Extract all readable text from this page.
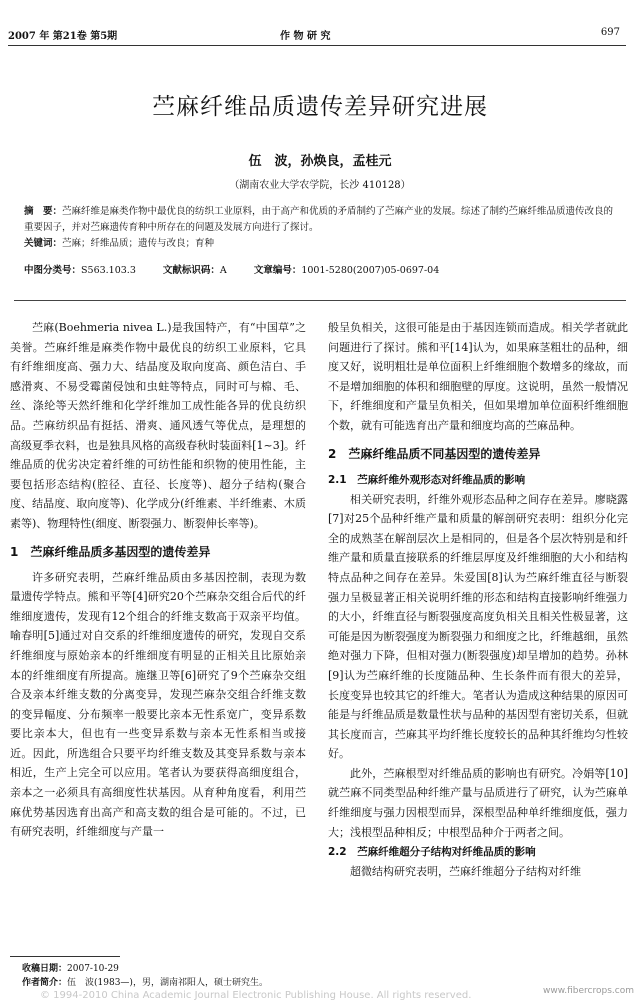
2007 年 第21卷 第5期	作 物 研 究	697
苎麻纤维品质遗传差异研究进展
伍　波，孙焕良，孟桂元
（湖南农业大学农学院，长沙 410128）
摘　要：苎麻纤维是麻类作物中最优良的纺织工业原料，由于高产和优质的矛盾制约了苎麻产业的发展。综述了制约苎麻纤维品质遗传改良的重要因子，并对苎麻遗传育种中所存在的问题及发展方向进行了探讨。
关键词：苎麻；纤维品质；遗传与改良；育种
中图分类号：S563.103.3	文献标识码：A	文章编号：1001-5280(2007)05-0697-04

苎麻(Boehmeria nivea L.)是我国特产，有“中国草”之美誉。苎麻纤维是麻类作物中最优良的纺织工业原料，它具有纤维细度高、强力大、结晶度及取向度高、颜色洁白、手感滑爽、不易受霉菌侵蚀和虫蛀等特点，同时可与棉、毛、丝、涤纶等天然纤维和化学纤维加工成性能各异的优良纺织品。苎麻纺织品有挺括、滑爽、通风透气等优点，是理想的高级夏季衣料，也是独具风格的高级春秋时装面料[1~3]。纤维品质的优劣决定着纤维的可纺性能和织物的使用性能，主要包括形态结构(腔径、直径、长度等)、超分子结构(聚合度、结晶度、取向度等)、化学成分(纤维素、半纤维素、木质素等)、物理特性(细度、断裂强力、断裂伸长率等)。

1　苎麻纤维品质多基因型的遗传差异

许多研究表明，苎麻纤维品质由多基因控制，表现为数量遗传学特点。熊和平等[4]研究20个苎麻杂交组合后代的纤维细度遗传，发现有12个组合的纤维支数高于双亲平均值。喻春明[5]通过对自交系的纤维细度遗传的研究，发现自交系纤维细度与原始亲本的纤维细度有明显的正相关且比原始亲本的纤维细度有所提高。施继卫等[6]研究了9个苎麻杂交组合及亲本纤维支数的分离变异，发现苎麻杂交组合纤维支数的变异幅度、分布频率一般要比亲本无性系宽广，变异系数要比亲本大，但也有一些变异系数与亲本无性系相当或接近。因此，所选组合只要平均纤维支数及其变异系数与亲本相近，生产上完全可以应用。笔者认为要获得高细度组合，亲本之一必须具有高细度性状基因。从育种角度看，利用苎麻优势基因选育出高产和高支数的组合是可能的。不过，已有研究表明，纤维细度与产量一

般呈负相关，这很可能是由于基因连锁而造成。相关学者就此问题进行了探讨。熊和平[14]认为，如果麻茎粗壮的品种，细度又好，说明粗壮是单位面积上纤维细胞个数增多的缘故，而不是增加细胞的体积和细胞壁的厚度。这说明，虽然一般情况下，纤维细度和产量呈负相关，但如果增加单位面积纤维细胞个数，就有可能选育出产量和细度均高的苎麻品种。

2　苎麻纤维品质不同基因型的遗传差异
2.1　苎麻纤维外观形态对纤维品质的影响

相关研究表明，纤维外观形态品种之间存在差异。廖晓露[7]对25个品种纤维产量和质量的解剖研究表明：组织分化完全的成熟茎在解剖层次上是相同的，但是各个层次特别是和纤维产量和质量直接联系的纤维层厚度及纤维细胞的大小和结构特点品种之间存在差异。朱爱国[8]认为苎麻纤维直径与断裂强力呈极显著正相关说明纤维的形态和结构直接影响纤维强力的大小，纤维直径与断裂强度高度负相关且相关性极显著，这可能是因为断裂强度为断裂强力和细度之比，纤维越细，虽然绝对强力下降，但相对强力(断裂强度)却呈增加的趋势。孙林[9]认为苎麻纤维的长度随品种、生长条件而有很大的差异，长度变异也较其它的纤维大。笔者认为造成这种结果的原因可能是与纤维品质是数量性状与品种的基因型有密切关系，但就其长度而言，苎麻其平均纤维长度较长的品种其纤维均匀性较好。

此外，苎麻根型对纤维品质的影响也有研究。冷娟等[10]就苎麻不同类型品种纤维产量与品质进行了研究，认为苎麻单纤维细度与强力因根型而异，深根型品种单纤维细度低，强力大；浅根型品种相反；中根型品种介于两者之间。

2.2　苎麻纤维超分子结构对纤维品质的影响

超微结构研究表明，苎麻纤维超分子结构对纤维

收稿日期：2007-10-29
作者简介：伍　波(1983—)，男，湖南祁阳人，硕士研究生。
© 1994-2010 China Academic Journal Electronic Publishing House. All rights reserved.	www.fibercrops.com
